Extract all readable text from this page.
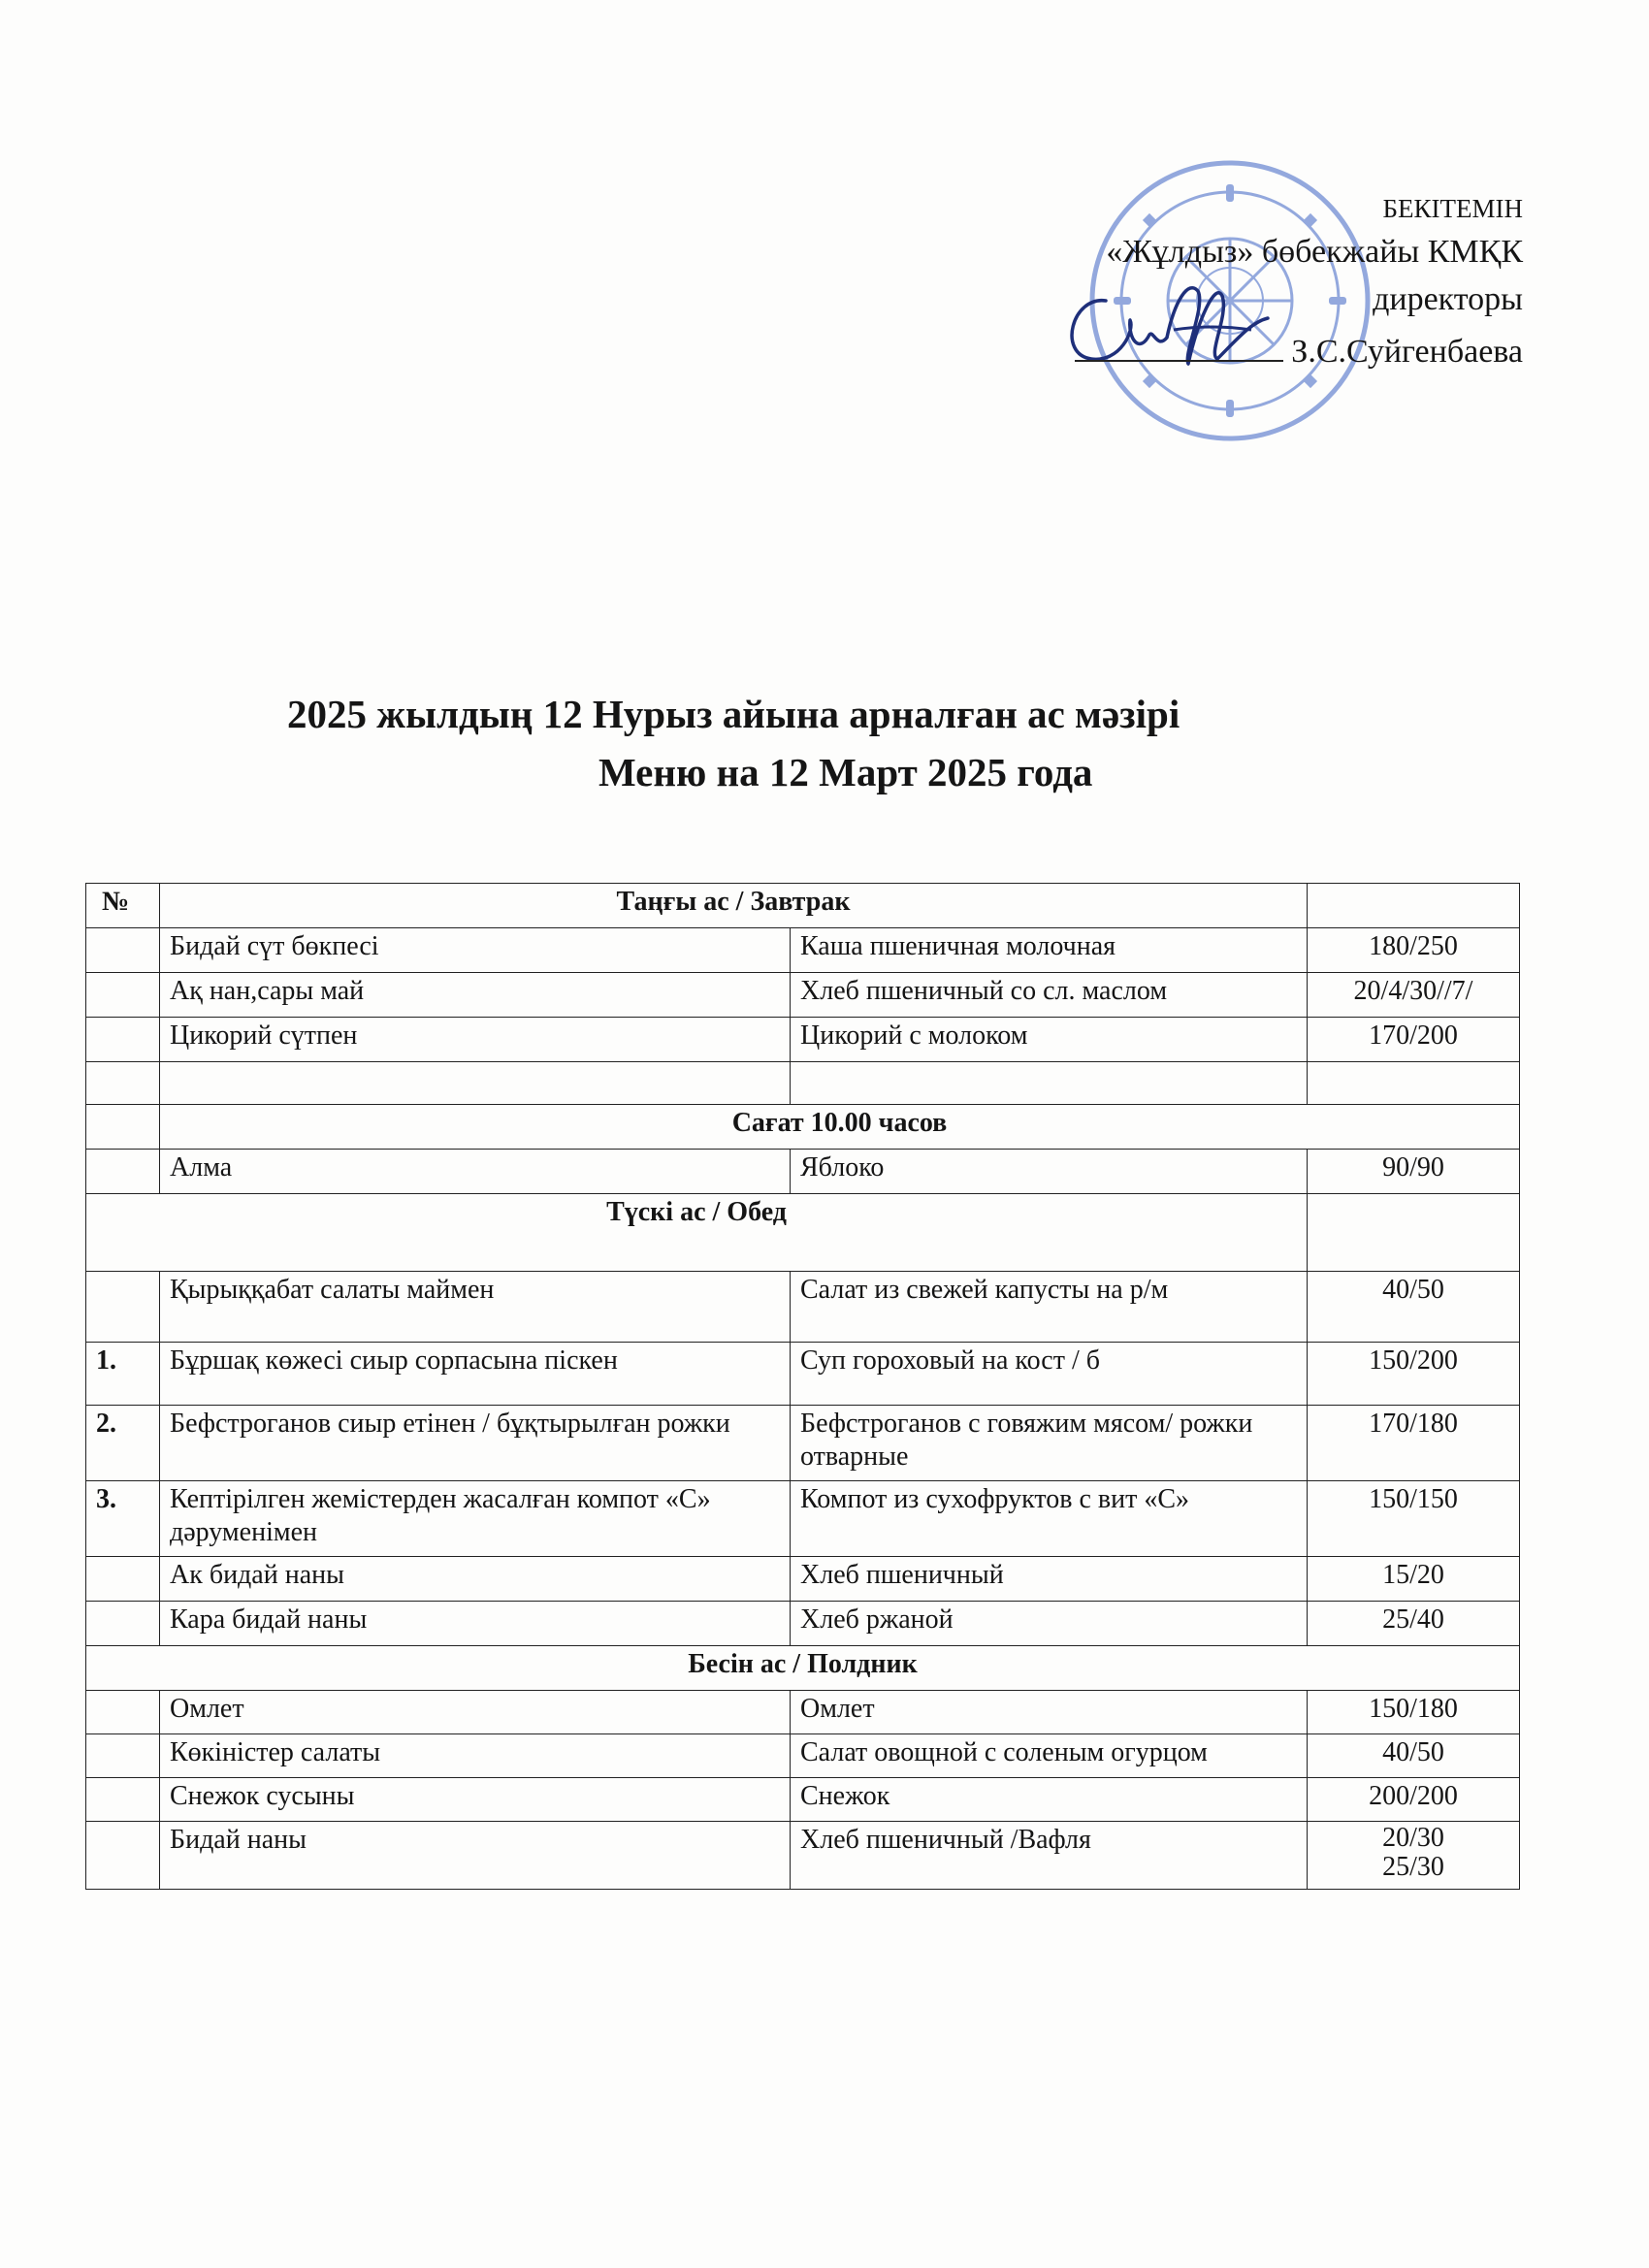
БЕКІТЕМІН
«Жұлдыз» бөбекжайы КМҚК
директоры
З.С.Суйгенбаева
2025 жылдың 12 Нурыз айына арналған ас мәзірі
Меню на 12 Март 2025 года
№	Таңғы ас / Завтрак		
	Бидай сүт бөкпесі	Каша пшеничная молочная	180/250
	Ақ нан,сары май	Хлеб пшеничный со сл. маслом	20/4/30//7/
	Цикорий сүтпен	Цикорий с молоком	170/200

	Сағат 10.00 часов		
	Алма	Яблоко	90/90
Түскі ас / Обед			
	Қырыққабат салаты маймен	Салат из свежей капусты на р/м	40/50
1.	Бұршақ көжесі сиыр сорпасына піскен	Суп гороховый на кост / б	150/200
2.	Бефстроганов сиыр етінен / бұқтырылған рожки	Бефстроганов с говяжим мясом/ рожки отварные	170/180
3.	Кептірілген жемістерден жасалған компот «С» дәруменімен	Компот из сухофруктов с вит «С»	150/150
	Ак бидай наны	Хлеб пшеничный	15/20
	Кара бидай наны	Хлеб ржаной	25/40
Бесін ас / Полдник			
	Омлет	Омлет	150/180
	Көкіністер салаты	Салат овощной с соленым огурцом	40/50
	Снежок сусыны	Снежок	200/200
	Бидай наны	Хлеб пшеничный /Вафля	20/30
25/30
